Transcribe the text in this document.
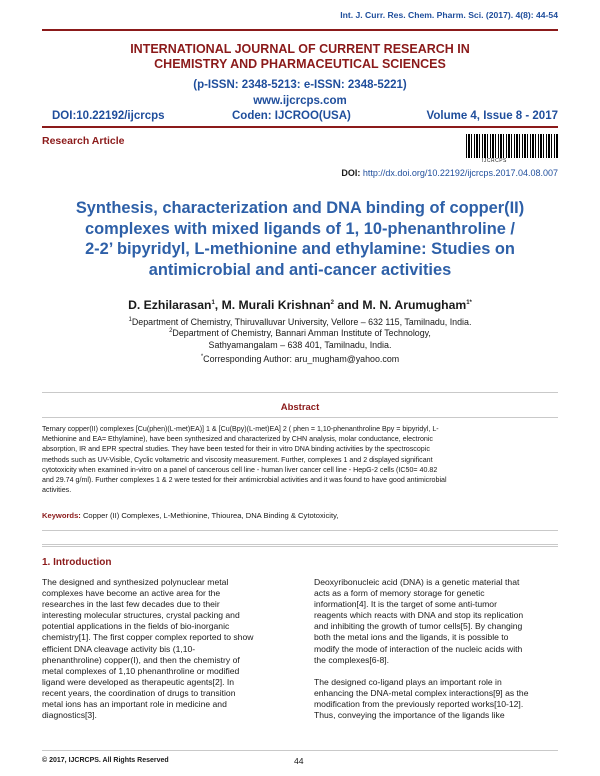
Int. J. Curr. Res. Chem. Pharm. Sci. (2017). 4(8): 44-54
INTERNATIONAL JOURNAL OF CURRENT RESEARCH IN
CHEMISTRY AND PHARMACEUTICAL SCIENCES
(p-ISSN: 2348-5213: e-ISSN: 2348-5221)
www.ijcrcps.com
DOI:10.22192/ijcrcps	Coden: IJCROO(USA)	Volume 4, Issue 8 - 2017
Research Article
IJCRCPS
DOI: http://dx.doi.org/10.22192/ijcrcps.2017.04.08.007
Synthesis, characterization and DNA binding of copper(II)
complexes with mixed ligands of 1, 10-phenanthroline /
2-2’ bipyridyl, L-methionine and ethylamine: Studies on
antimicrobial and anti-cancer activities
D. Ezhilarasan$^1$, M. Murali Krishnan$^2$ and M. N. Arumugham$^{1*}$
$^1$Department of Chemistry, Thiruvalluvar University, Vellore – 632 115, Tamilnadu, India.
$^2$Department of Chemistry, Bannari Amman Institute of Technology,
Sathyamangalam – 638 401, Tamilnadu, India.
*Corresponding Author: aru_mugham@yahoo.com
Abstract
Ternary copper(II) complexes [Cu(phen)(L-met)EA)] 1 & [Cu(Bpy)(L-met)EA] 2 ( phen = 1,10-phenanthroline Bpy = bipyridyl, L-
Methionine and EA= Ethylamine), have been synthesized and characterized by CHN analysis, molar conductance, electronic
absorption, IR and EPR spectral studies. They have been tested for their in vitro DNA binding activities by the spectroscopic
methods such as UV-Visible, Cyclic voltametric and viscosity measurement. Further, complexes 1 and 2 displayed significant
cytotoxicity when examined in-vitro on a panel of cancerous cell line - human liver cancer cell line - HepG-2 cells (IC50= 40.82
and 29.74 g/ml). Further complexes 1 & 2 were tested for their antimicrobial activities and it was found to have good antimicrobial
activities.
Keywords: Copper (II) Complexes, L-Methionine, Thiourea, DNA Binding & Cytotoxicity,
1. Introduction
The designed and synthesized polynuclear metal
complexes have become an active area for the
researches in the last few decades due to their
interesting molecular structures, crystal packing and
potential applications in the fields of bio-inorganic
chemistry[1]. The first copper complex reported to show
efficient DNA cleavage activity bis (1,10-
phenanthroline) copper(I), and then the chemistry of
metal complexes of 1,10 phenanthroline or modified
ligand were developed as therapeutic agents[2]. In
recent years, the coordination of drugs to transition
metal ions has an important role in medicine and
diagnostics[3].
Deoxyribonucleic acid (DNA) is a genetic material that
acts as a form of memory storage for genetic
information[4]. It is the target of some anti-tumor
reagents which reacts with DNA and stop its replication
and inhibiting the growth of tumor cells[5]. By changing
both the metal ions and the ligands, it is possible to
modify the mode of interaction of the nucleic acids with
the complexes[6-8].
The designed co-ligand plays an important role in
enhancing the DNA-metal complex interactions[9] as the
modification from the previously reported works[10-12].
Thus, conveying the importance of the ligands like
© 2017, IJCRCPS. All Rights Reserved	44
